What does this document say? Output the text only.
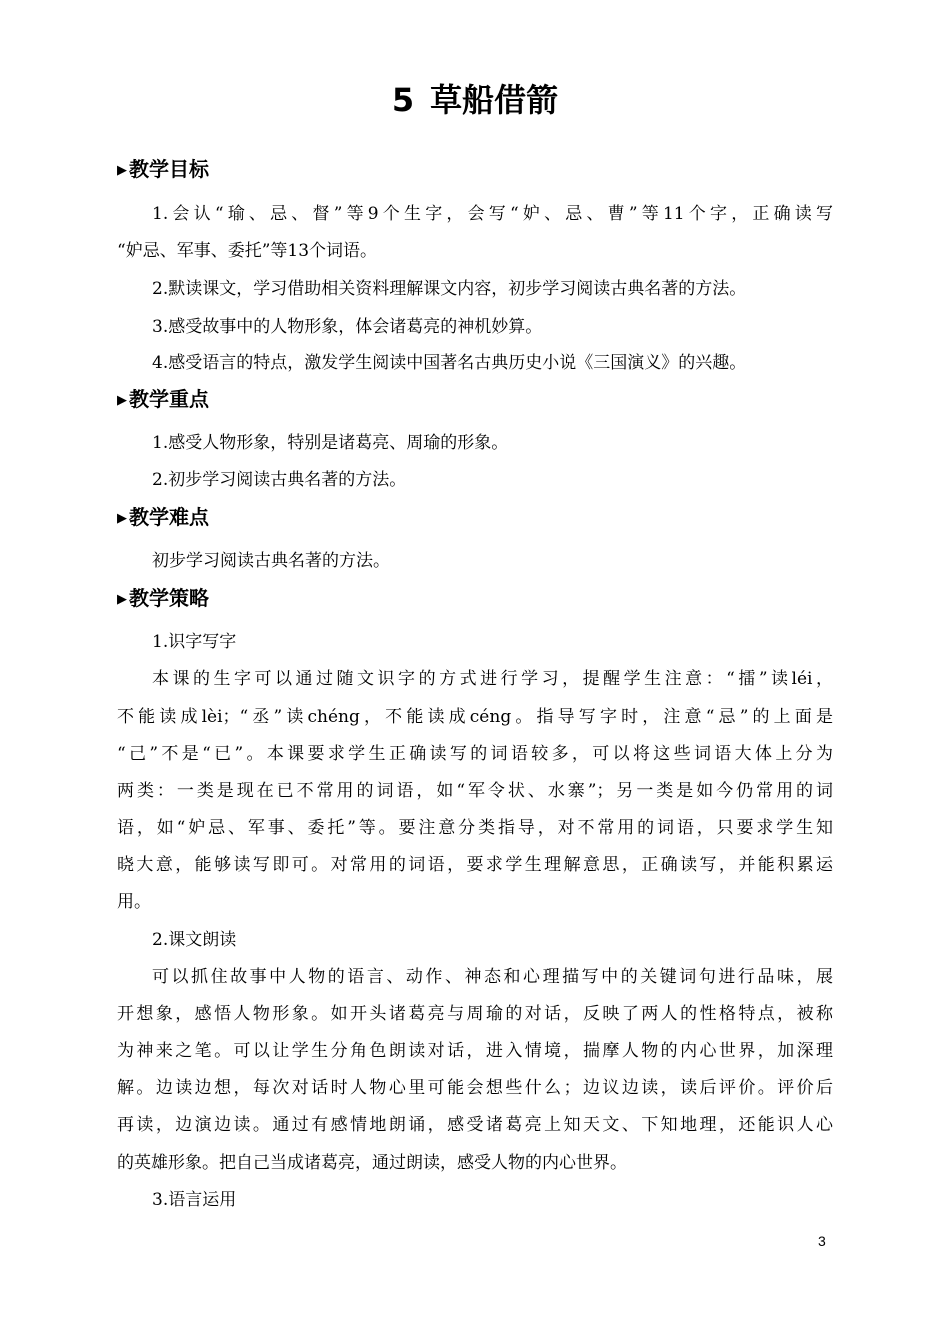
5 草船借箭
▶ 教学目标
1.会认“瑜、忌、督”等9个生字，会写“妒、忌、曹”等11个字，正确读写
“妒忌、军事、委托”等13个词语。
2.默读课文，学习借助相关资料理解课文内容，初步学习阅读古典名著的方法。
3.感受故事中的人物形象，体会诸葛亮的神机妙算。
4.感受语言的特点，激发学生阅读中国著名古典历史小说《三国演义》的兴趣。
▶ 教学重点
1.感受人物形象，特别是诸葛亮、周瑜的形象。
2.初步学习阅读古典名著的方法。
▶ 教学难点
初步学习阅读古典名著的方法。
▶ 教学策略
1.识字写字
本课的生字可以通过随文识字的方式进行学习，提醒学生注意：“擂”读léi，
不能读成lèi；“丞”读chéng，不能读成céng。指导写字时，注意“忌”的上面是
“己”不是“已”。本课要求学生正确读写的词语较多，可以将这些词语大体上分为
两类：一类是现在已不常用的词语，如“军令状、水寨”；另一类是如今仍常用的词
语，如“妒忌、军事、委托”等。要注意分类指导，对不常用的词语，只要求学生知
晓大意，能够读写即可。对常用的词语，要求学生理解意思，正确读写，并能积累运
用。
2.课文朗读
可以抓住故事中人物的语言、动作、神态和心理描写中的关键词句进行品味，展
开想象，感悟人物形象。如开头诸葛亮与周瑜的对话，反映了两人的性格特点，被称
为神来之笔。可以让学生分角色朗读对话，进入情境，揣摩人物的内心世界，加深理
解。边读边想，每次对话时人物心里可能会想些什么；边议边读，读后评价。评价后
再读，边演边读。通过有感情地朗诵，感受诸葛亮上知天文、下知地理，还能识人心
的英雄形象。把自己当成诸葛亮，通过朗读，感受人物的内心世界。
3.语言运用
3
